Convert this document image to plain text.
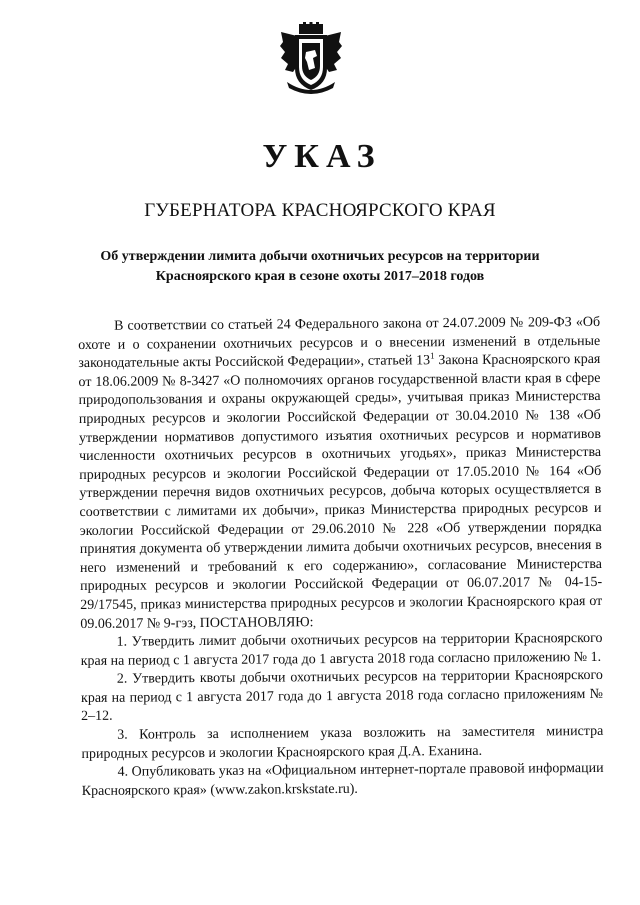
УКАЗ
ГУБЕРНАТОРА КРАСНОЯРСКОГО КРАЯ
Об утверждении лимита добычи охотничьих ресурсов на территории
Красноярского края в сезоне охоты 2017–2018 годов

В соответствии со статьей 24 Федерального закона от 24.07.2009 № 209-ФЗ «Об охоте и о сохранении охотничьих ресурсов и о внесении изменений в отдельные законодательные акты Российской Федерации», статьей $13^1$ Закона Красноярского края от 18.06.2009 № 8-3427 «О полномочиях органов государственной власти края в сфере природопользования и охраны окружающей среды», учитывая приказ Министерства природных ресурсов и экологии Российской Федерации от 30.04.2010 № 138 «Об утверждении нормативов допустимого изъятия охотничьих ресурсов и нормативов численности охотничьих ресурсов в охотничьих угодьях», приказ Министерства природных ресурсов и экологии Российской Федерации от 17.05.2010 № 164 «Об утверждении перечня видов охотничьих ресурсов, добыча которых осуществляется в соответствии с лимитами их добычи», приказ Министерства природных ресурсов и экологии Российской Федерации от 29.06.2010 № 228 «Об утверждении порядка принятия документа об утверждении лимита добычи охотничьих ресурсов, внесения в него изменений и требований к его содержанию», согласование Министерства природных ресурсов и экологии Российской Федерации от 06.07.2017 № 04-15-29/17545, приказ министерства природных ресурсов и экологии Красноярского края от 09.06.2017 № 9-гэз, ПОСТАНОВЛЯЮ:

1. Утвердить лимит добычи охотничьих ресурсов на территории Красноярского края на период с 1 августа 2017 года до 1 августа 2018 года согласно приложению № 1.

2. Утвердить квоты добычи охотничьих ресурсов на территории Красноярского края на период с 1 августа 2017 года до 1 августа 2018 года согласно приложениям № 2–12.

3. Контроль за исполнением указа возложить на заместителя министра природных ресурсов и экологии Красноярского края Д.А. Еханина.

4. Опубликовать указ на «Официальном интернет-портале правовой информации Красноярского края» (www.zakon.krskstate.ru).
